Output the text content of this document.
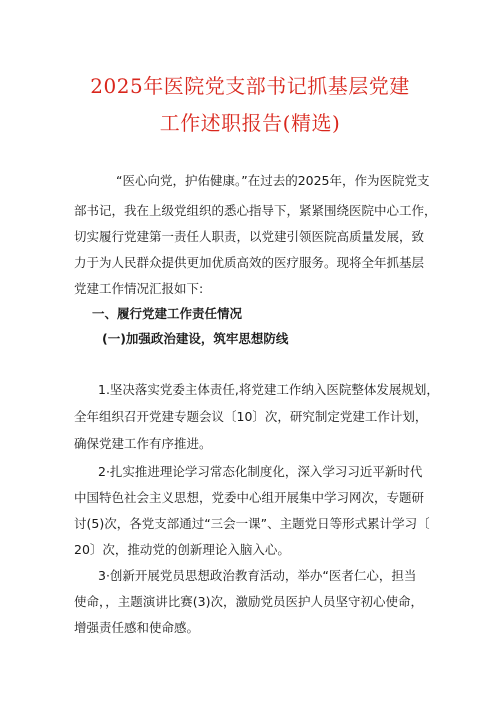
2025年医院党支部书记抓基层党建
工作述职报告(精选)
“医心向党，护佑健康。”在过去的2025年，作为医院党支
部书记，我在上级党组织的悉心指导下，紧紧围绕医院中心工作，
切实履行党建第一责任人职责，以党建引领医院高质量发展，致
力于为人民群众提供更加优质高效的医疗服务。现将全年抓基层
党建工作情况汇报如下:
一、履行党建工作责任情况
(一)加强政治建设，筑牢思想防线
1.坚决落实党委主体责任,将党建工作纳入医院整体发展规划，
全年组织召开党建专题会议〔10〕次，研究制定党建工作计划，
确保党建工作有序推进。
2·扎实推进理论学习常态化制度化，深入学习习近平新时代
中国特色社会主义思想，党委中心组开展集中学习网次，专题研
讨(5)次，各党支部通过“三会一课”、主题党日等形式累计学习〔
20〕次，推动党的创新理论入脑入心。
3·创新开展党员思想政治教育活动，举办“医者仁心，担当
使命，，主题演讲比赛(3)次，激励党员医护人员坚守初心使命，
增强责任感和使命感。
